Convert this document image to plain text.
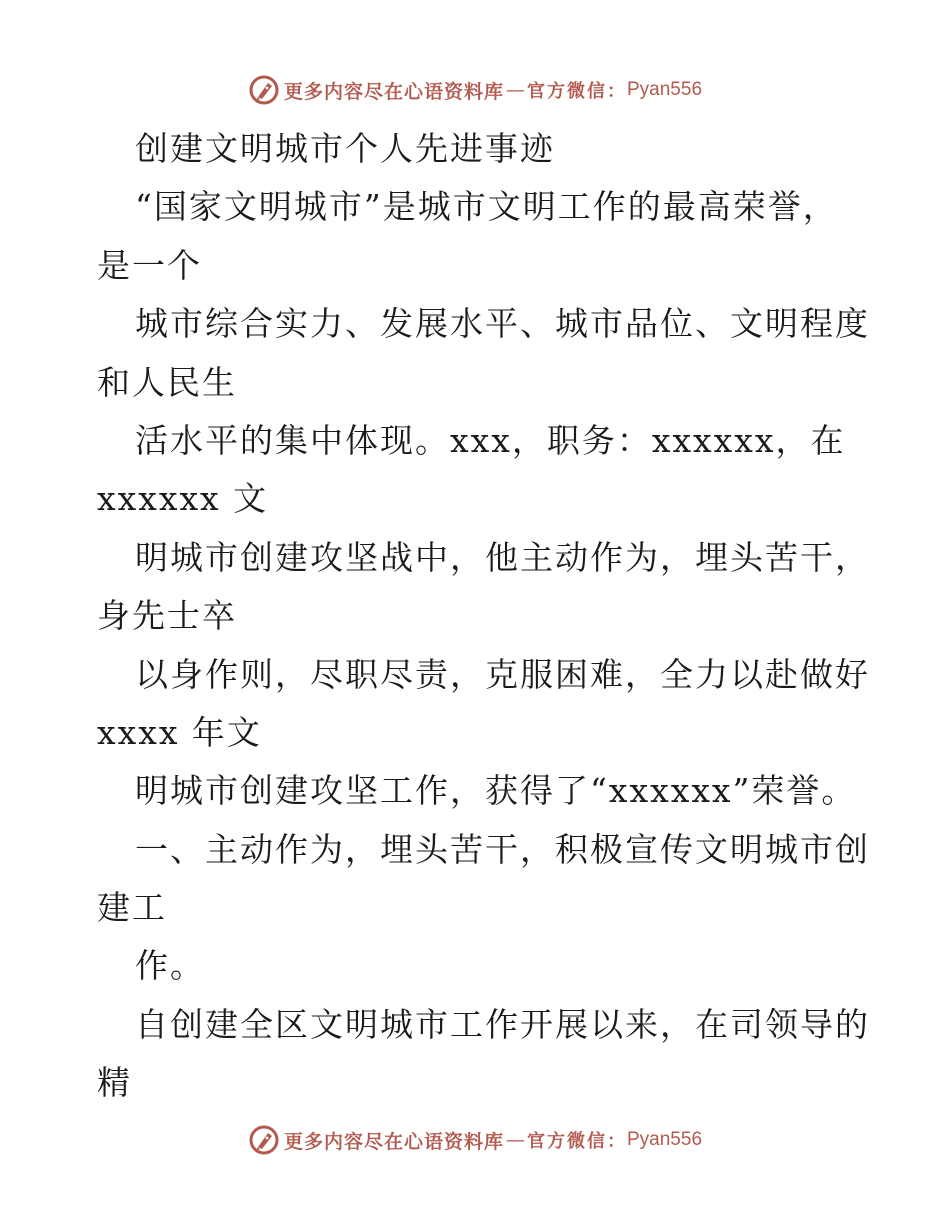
更多内容尽在心语资料库 — 官方微信： Pyan556
创建文明城市个人先进事迹
“国家文明城市”是城市文明工作的最高荣誉，
是一个
城市综合实力、发展水平、城市品位、文明程度
和人民生
活水平的集中体现。xxx，职务：xxxxxx，在
xxxxxx 文
明城市创建攻坚战中，他主动作为，埋头苦干，
身先士卒
以身作则，尽职尽责，克服困难，全力以赴做好
xxxx 年文
明城市创建攻坚工作，获得了“xxxxxx”荣誉。
一、主动作为，埋头苦干，积极宣传文明城市创
建工
作。
自创建全区文明城市工作开展以来，在司领导的
精
更多内容尽在心语资料库 — 官方微信： Pyan556
